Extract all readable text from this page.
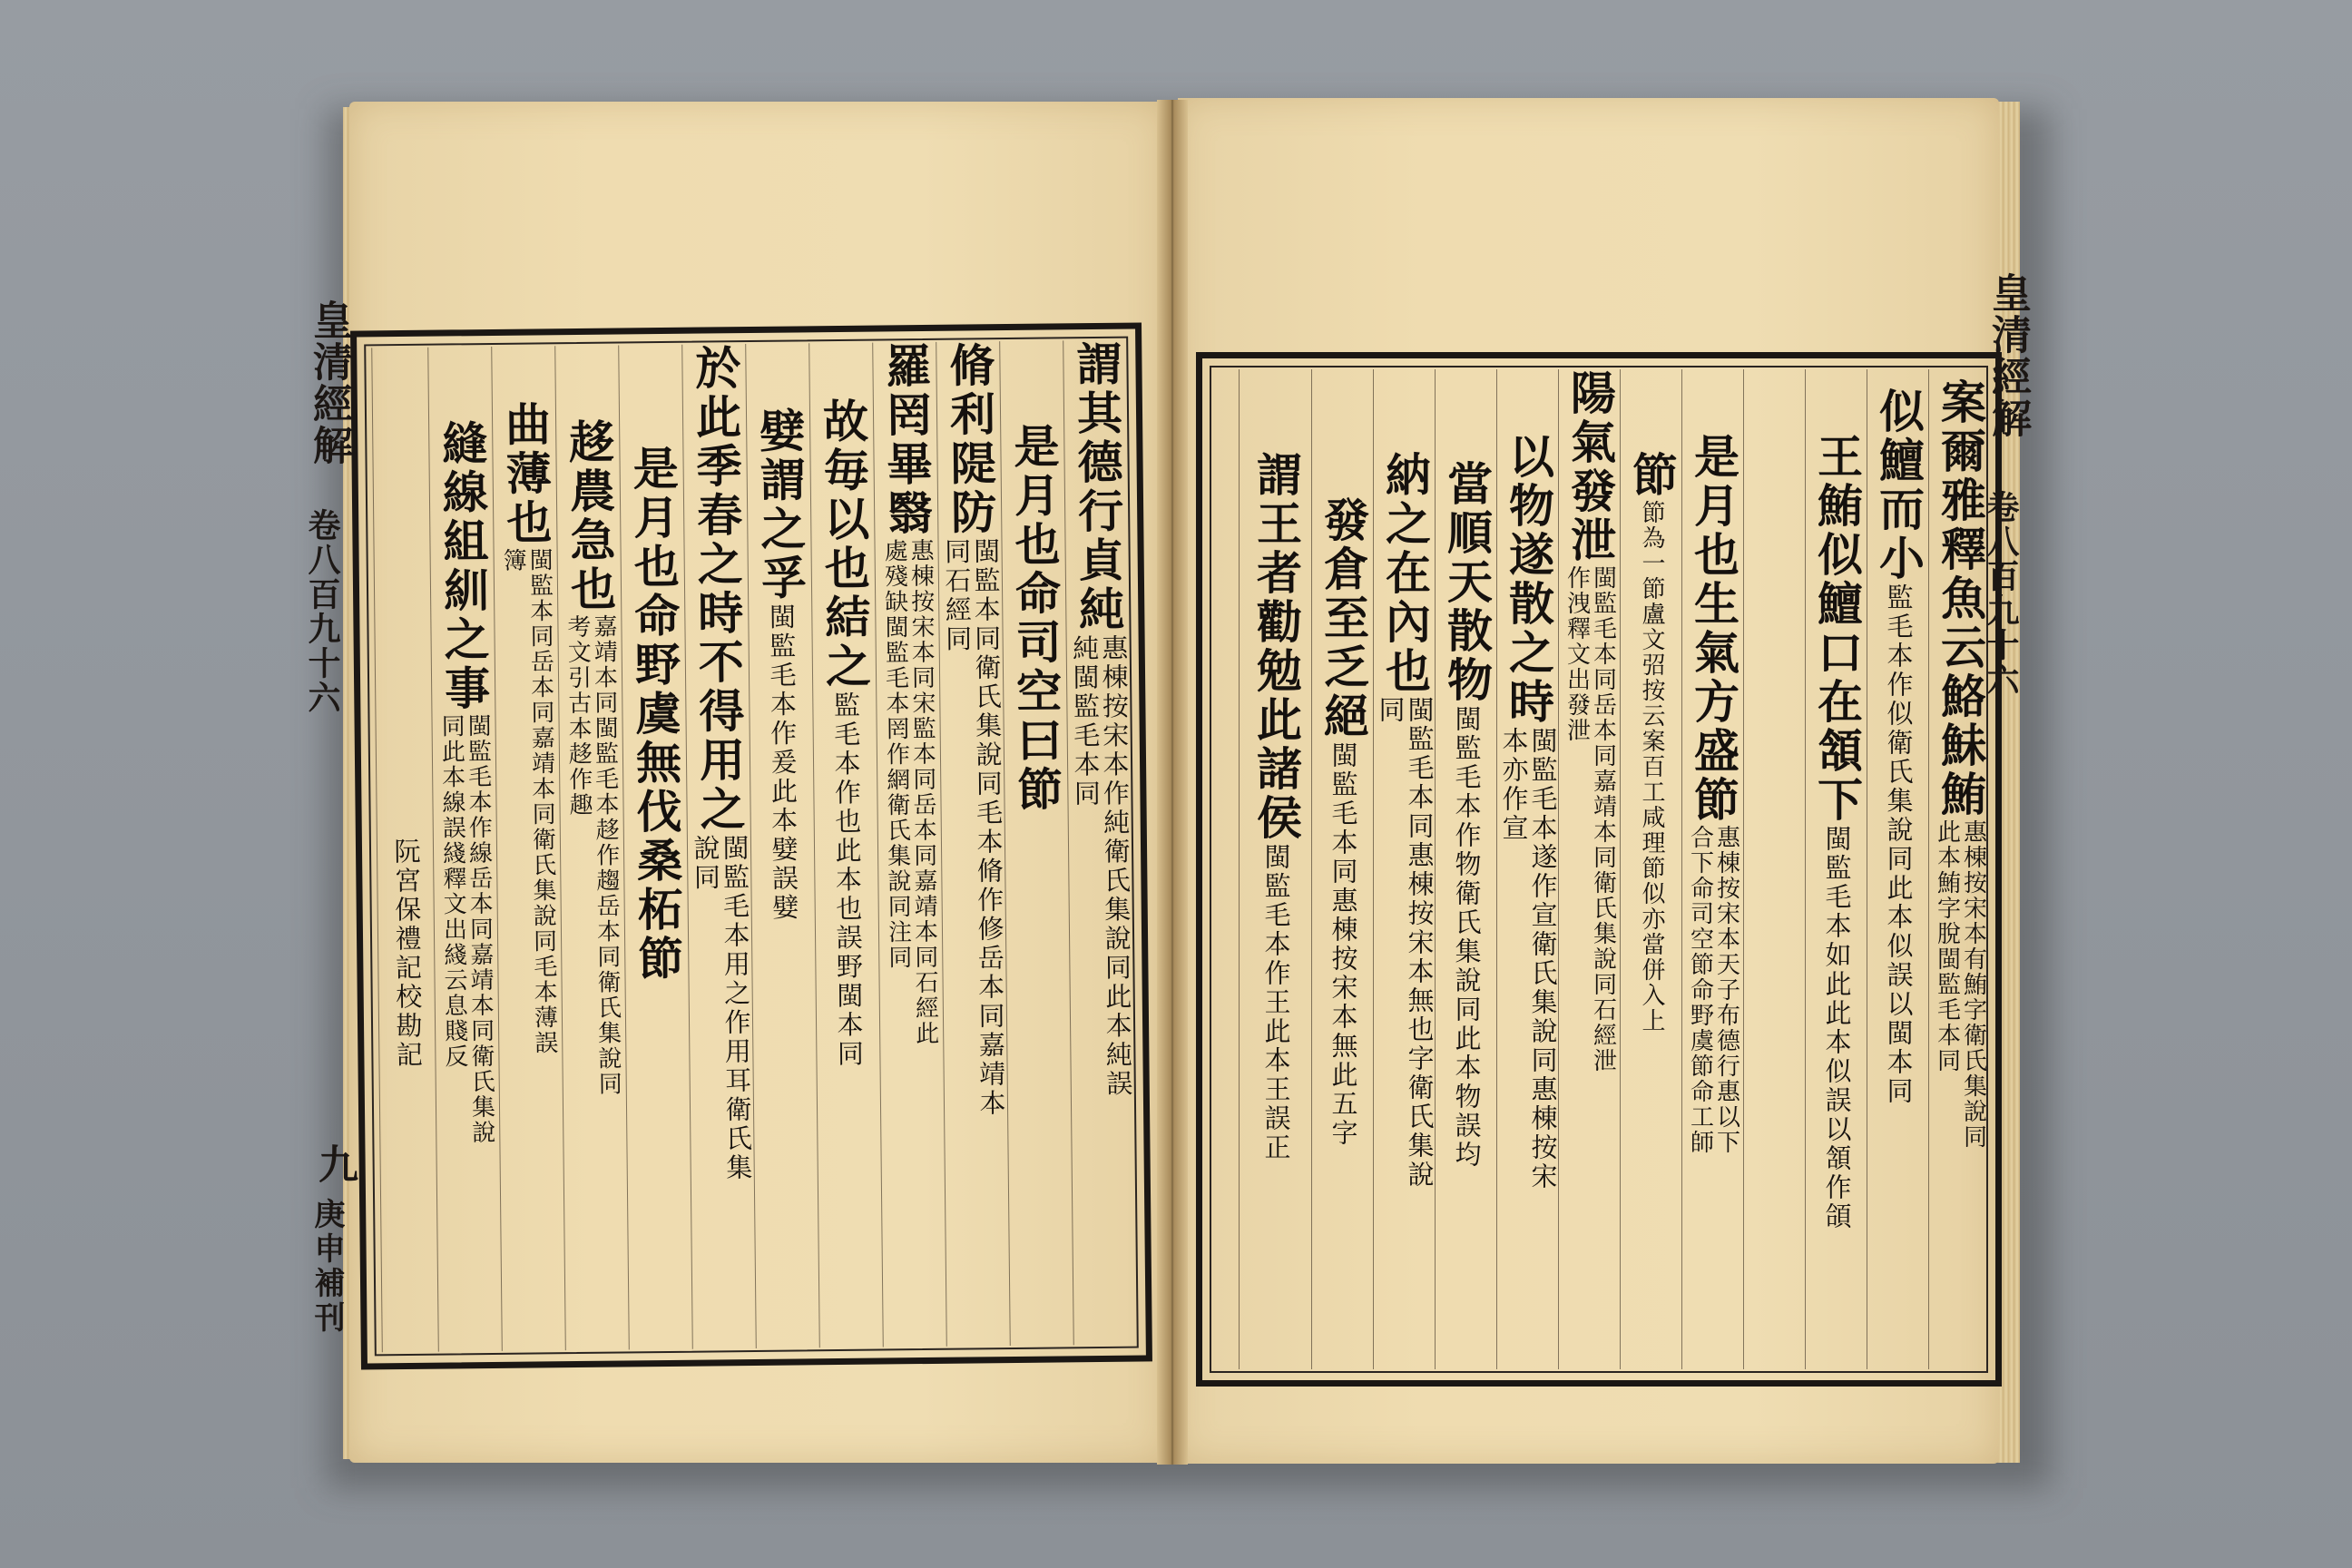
謂其德行貞純
惠棟按宋本作純衛氏集說同此本純誤
純閩監毛本同
是月也命司空曰節
脩利隄防
閩監本同衛氏集說同毛本脩作修岳本同嘉靖本
同石經同
羅罔畢翳
惠棟按宋本同宋監本同岳本同嘉靖本同石經此
處殘缺閩監毛本罔作網衛氏集說同注同
故毎以也結之
監毛本作也此本也誤野閩本同
嬖謂之孚
閩監毛本作爰此本嬖誤嬖
於此季春之時不得用之
閩監毛本用之作用耳衛氏集
說同
是月也命野虞無伐桑柘節
趍農急也
嘉靖本同閩監毛本趍作趨岳本同衛氏集說同
考文引古本趍作趣
曲薄也
閩監本同岳本同嘉靖本同衛氏集說同毛本薄誤
簿
縫線組紃之事
閩監毛本作線岳本同嘉靖本同衛氏集說
同此本線誤綫釋文出綫云息賤反
阮宮保禮記校勘記
皇清經解
卷八百九十六
九
庚申補刊
案爾雅釋魚云鮥鮇鮪
惠棟按宋本有鮪字衛氏集說同
此本鮪字脫閩監毛本同
似鱣而小
監毛本作似衛氏集說同此本似誤以閩本同
王鮪似鱣口在頷下
閩監毛本如此此本似誤以頷作頜
是月也生氣方盛節
惠棟按宋本天子布德行惠以下
合下命司空節命野虞節命工師
節
節為一節盧文弨按云案百工咸理節似亦當併入上
陽氣發泄
閩監毛本同岳本同嘉靖本同衛氏集說同石經泄
作洩釋文出發泄
以物遂散之時
閩監毛本遂作宣衛氏集說同惠棟按宋
本亦作宣
當順天散物
閩監毛本作物衛氏集說同此本物誤均
納之在內也
閩監毛本同惠棟按宋本無也字衛氏集說
同
發倉至乏絕
閩監毛本同惠棟按宋本無此五字
謂王者勸勉此諸侯
閩監毛本作王此本王誤正
皇清經解
卷八百九十六
